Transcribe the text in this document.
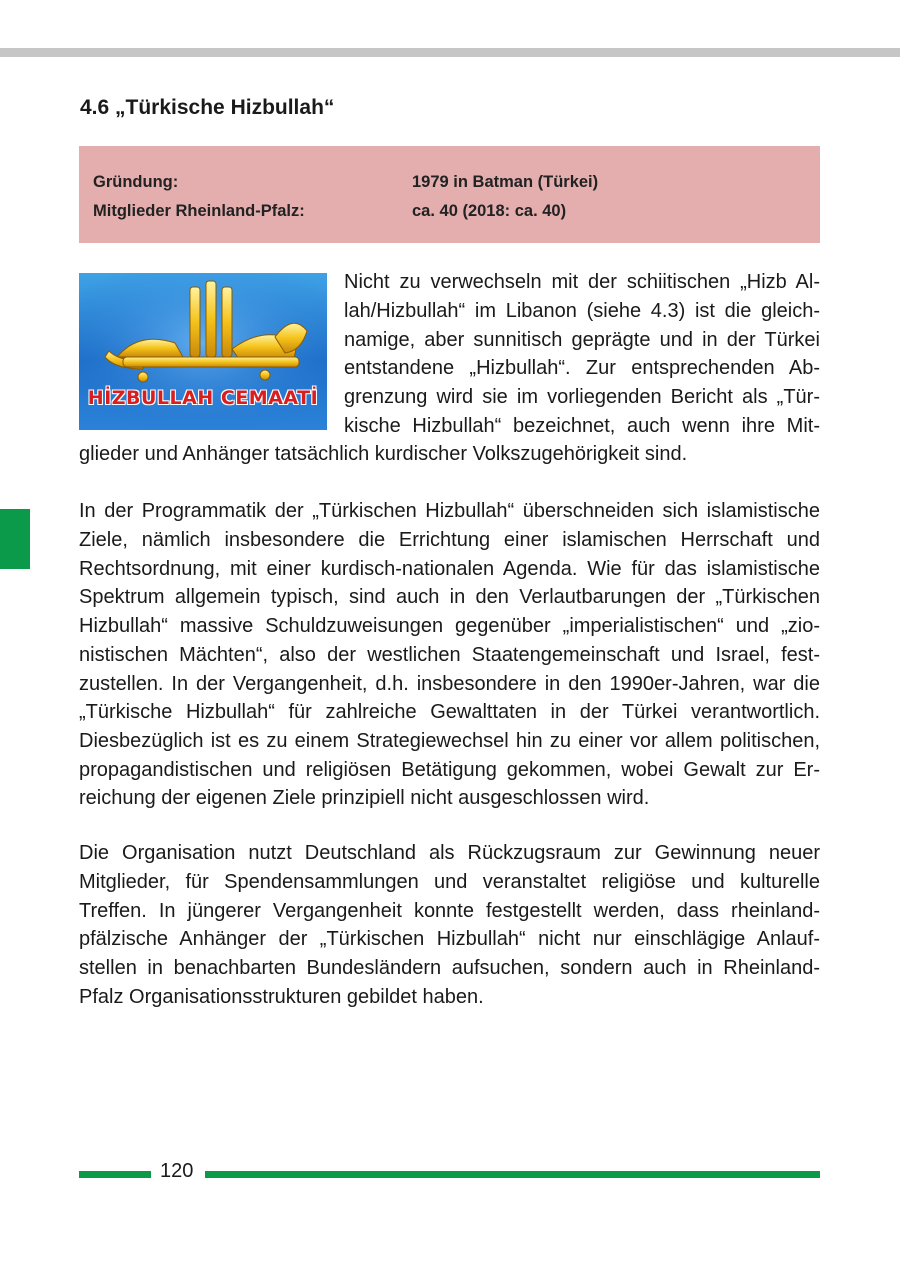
4.6 „Türkische Hizbullah“
Gründung:	1979 in Batman (Türkei)
Mitglieder Rheinland-Pfalz:	ca. 40 (2018: ca. 40)
HİZBULLAH CEMAATİ
Nicht zu verwechseln mit der schiitischen „Hizb Al-
lah/Hizbullah“ im Libanon (siehe 4.3) ist die gleich-
namige, aber sunnitisch geprägte und in der Türkei
entstandene „Hizbullah“. Zur entsprechenden Ab-
grenzung wird sie im vorliegenden Bericht als „Tür-
kische Hizbullah“ bezeichnet, auch wenn ihre Mit-
glieder und Anhänger tatsächlich kurdischer Volkszugehörigkeit sind.
In der Programmatik der „Türkischen Hizbullah“ überschneiden sich islamistische
Ziele, nämlich insbesondere die Errichtung einer islamischen Herrschaft und
Rechtsordnung, mit einer kurdisch-nationalen Agenda. Wie für das islamistische
Spektrum allgemein typisch, sind auch in den Verlautbarungen der „Türkischen
Hizbullah“ massive Schuldzuweisungen gegenüber „imperialistischen“ und „zio-
nistischen Mächten“, also der westlichen Staatengemeinschaft und Israel, fest-
zustellen. In der Vergangenheit, d.h. insbesondere in den 1990er-Jahren, war die
„Türkische Hizbullah“ für zahlreiche Gewalttaten in der Türkei verantwortlich.
Diesbezüglich ist es zu einem Strategiewechsel hin zu einer vor allem politischen,
propagandistischen und religiösen Betätigung gekommen, wobei Gewalt zur Er-
reichung der eigenen Ziele prinzipiell nicht ausgeschlossen wird.
Die Organisation nutzt Deutschland als Rückzugsraum zur Gewinnung neuer
Mitglieder, für Spendensammlungen und veranstaltet religiöse und kulturelle
Treffen. In jüngerer Vergangenheit konnte festgestellt werden, dass rheinland-
pfälzische Anhänger der „Türkischen Hizbullah“ nicht nur einschlägige Anlauf-
stellen in benachbarten Bundesländern aufsuchen, sondern auch in Rheinland-
Pfalz Organisationsstrukturen gebildet haben.
120
